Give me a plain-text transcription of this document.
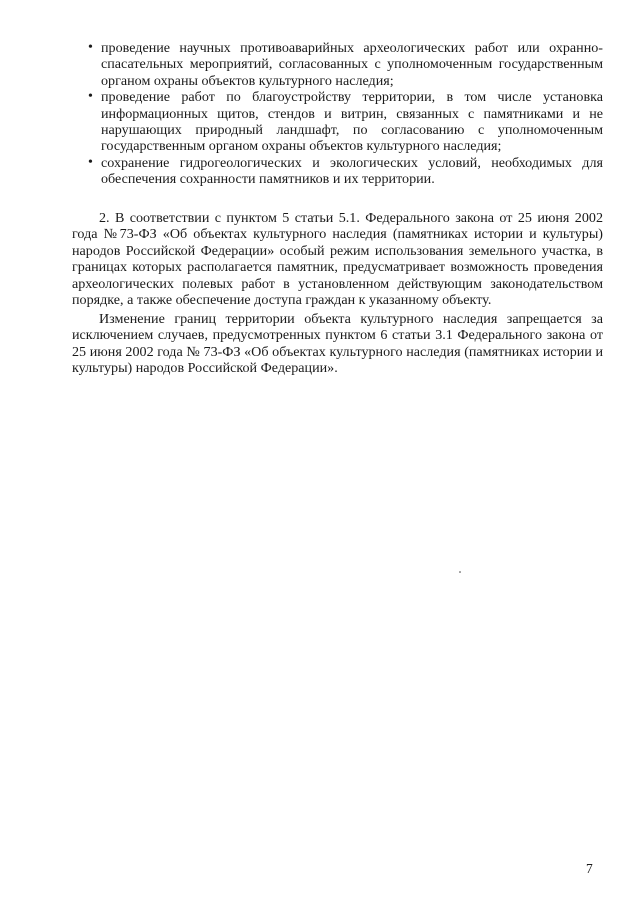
• проведение научных противоаварийных археологических работ или охранно-спасательных мероприятий, согласованных с уполномоченным государственным органом охраны объектов культурного наследия;
• проведение работ по благоустройству территории, в том числе установка информационных щитов, стендов и витрин, связанных с памятниками и не нарушающих природный ландшафт, по согласованию с уполномоченным государственным органом охраны объектов культурного наследия;
• сохранение гидрогеологических и экологических условий, необходимых для обеспечения сохранности памятников и их территории.

2. В соответствии с пунктом 5 статьи 5.1. Федерального закона от 25 июня 2002 года №73-ФЗ «Об объектах культурного наследия (памятниках истории и культуры) народов Российской Федерации» особый режим использования земельного участка, в границах которых располагается памятник, предусматривает возможность проведения археологических полевых работ в установленном действующим законодательством порядке, а также обеспечение доступа граждан к указанному объекту.

Изменение границ территории объекта культурного наследия запрещается за исключением случаев, предусмотренных пунктом 6 статьи 3.1 Федерального закона от 25 июня 2002 года № 73-ФЗ «Об объектах культурного наследия (памятниках истории и культуры) народов Российской Федерации».

7
